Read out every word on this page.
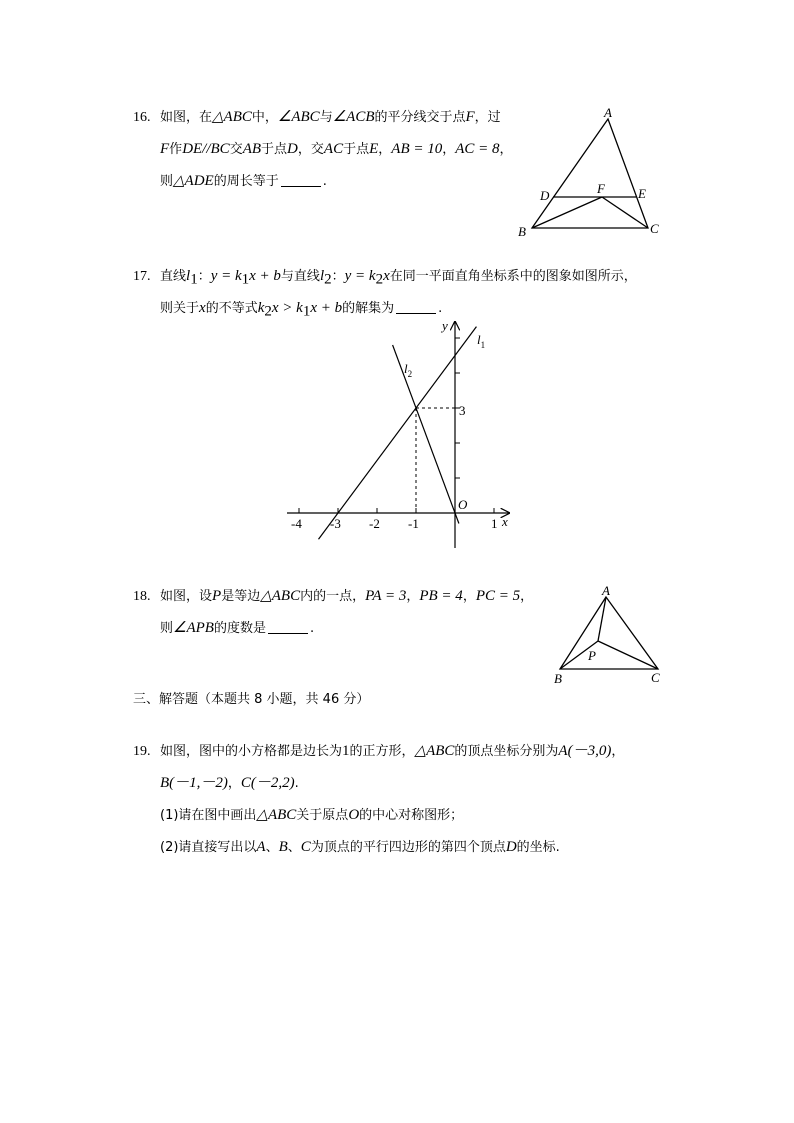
16. 如图，在△ABC中，∠ABC与∠ACB的平分线交于点F，过
F作DE//BC交AB于点D，交AC于点E，AB = 10，AC = 8，
则△ADE的周长等于	.
A
B	C
D	E
F
17. 直线$l_1$：$y = k_1x + b$与直线$l_2$：$y = k_2x$在同一平面直角坐标系中的图象如图所示，
则关于x的不等式$k_2x > k_1x + b$的解集为	.
y
x
O
3
$l_1$
$l_2$
-4 -3 -2 -1	1
18. 如图，设P是等边△ABC内的一点，PA = 3，PB = 4，PC = 5，
则∠APB的度数是	.
A
B	C
P
三、解答题（本题共 8 小题，共 46 分）
19. 如图，图中的小方格都是边长为1的正方形，△ABC的顶点坐标分别为A(－3,0)，
B(－1,－2)，C(－2,2).
(1)请在图中画出△ABC关于原点O的中心对称图形；
(2)请直接写出以A、B、C为顶点的平行四边形的第四个顶点D的坐标.
